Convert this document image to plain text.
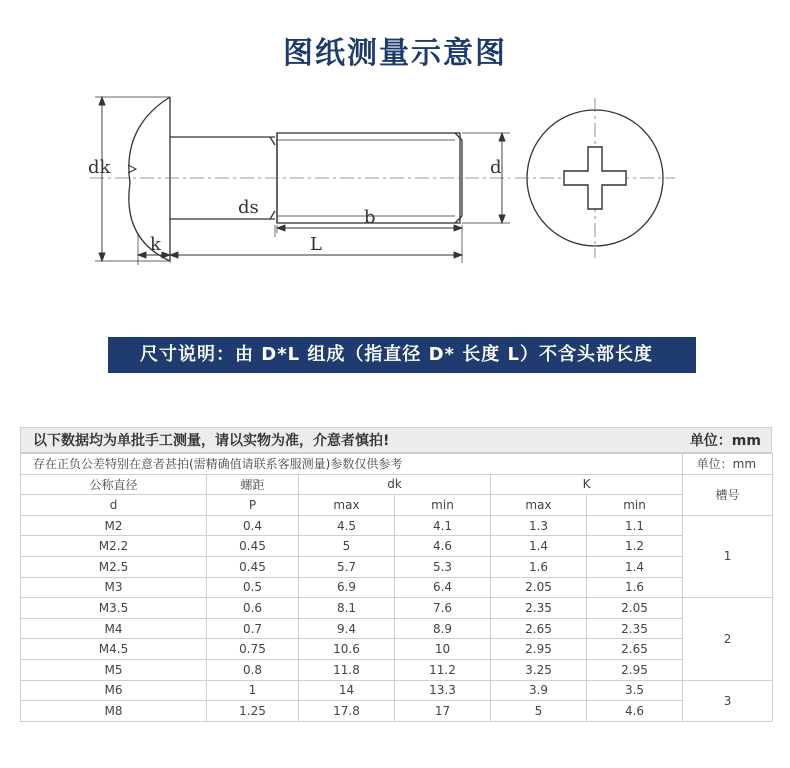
图纸测量示意图
dk	d
ds	b
L
k
尺寸说明：由 D*L 组成（指直径 D* 长度 L）不含头部长度
以下数据均为单批手工测量，请以实物为准，介意者慎拍!	单位：mm
存在正负公差特别在意者甚拍(需精确值请联系客服测量)参数仅供参考						单位：mm
公称直径	螺距	dk		K		槽号
d	P	max	min	max	min	
M2	0.4	4.5	4.1	1.3	1.1	1
M2.2	0.45	5	4.6	1.4	1.2	
M2.5	0.45	5.7	5.3	1.6	1.4	
M3	0.5	6.9	6.4	2.05	1.6	
M3.5	0.6	8.1	7.6	2.35	2.05	2
M4	0.7	9.4	8.9	2.65	2.35	
M4.5	0.75	10.6	10	2.95	2.65	
M5	0.8	11.8	11.2	3.25	2.95	
M6	1	14	13.3	3.9	3.5	3
M8	1.25	17.8	17	5	4.6	
